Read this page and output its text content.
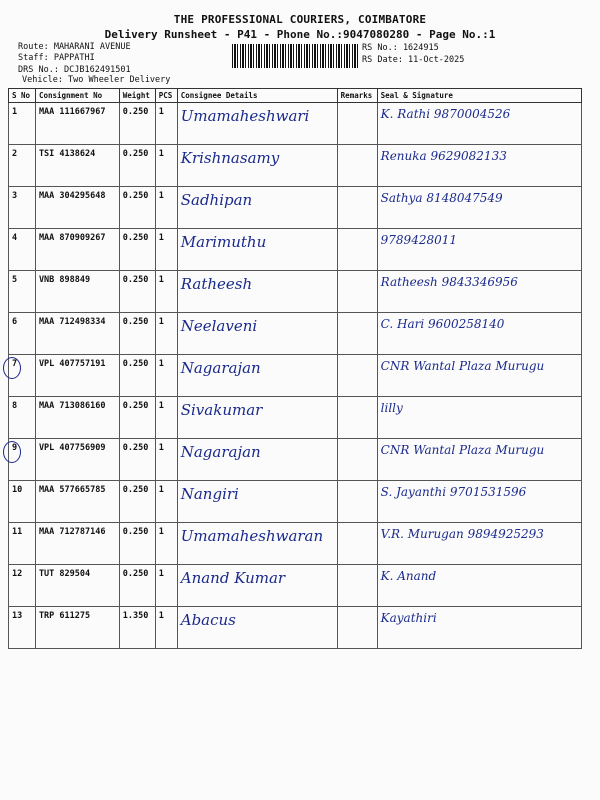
THE PROFESSIONAL COURIERS, COIMBATORE
Delivery Runsheet - P41 - Phone No.:9047080280 - Page No.:1
Route: MAHARANI AVENUE
Staff: PAPPATHI
DRS No.: DCJB162491501
Vehicle: Two Wheeler Delivery
RS No.: 1624915
RS Date: 11-Oct-2025
S No	Consignment No	Weight	PCS	Consignee Details	Remarks	Seal & Signature
1	MAA 111667967	0.250	1	Umamaheshwari		K. Rathi 9870004526
2	TSI 4138624	0.250	1	Krishnasamy		Renuka 9629082133
3	MAA 304295648	0.250	1	Sadhipan		Sathya 8148047549
4	MAA 870909267	0.250	1	Marimuthu		9789428011
5	VNB 898849	0.250	1	Ratheesh		Ratheesh 9843346956
6	MAA 712498334	0.250	1	Neelaveni		C. Hari 9600258140
7	VPL 407757191	0.250	1	Nagarajan		CNR Wantal Plaza Murugu
8	MAA 713086160	0.250	1	Sivakumar		lilly
9	VPL 407756909	0.250	1	Nagarajan		CNR Wantal Plaza Murugu
10	MAA 577665785	0.250	1	Nangiri		S. Jayanthi 9701531596
11	MAA 712787146	0.250	1	Umamaheshwaran		V.R. Murugan 9894925293
12	TUT 829504	0.250	1	Anand Kumar		K. Anand
13	TRP 611275	1.350	1	Abacus		Kayathiri
